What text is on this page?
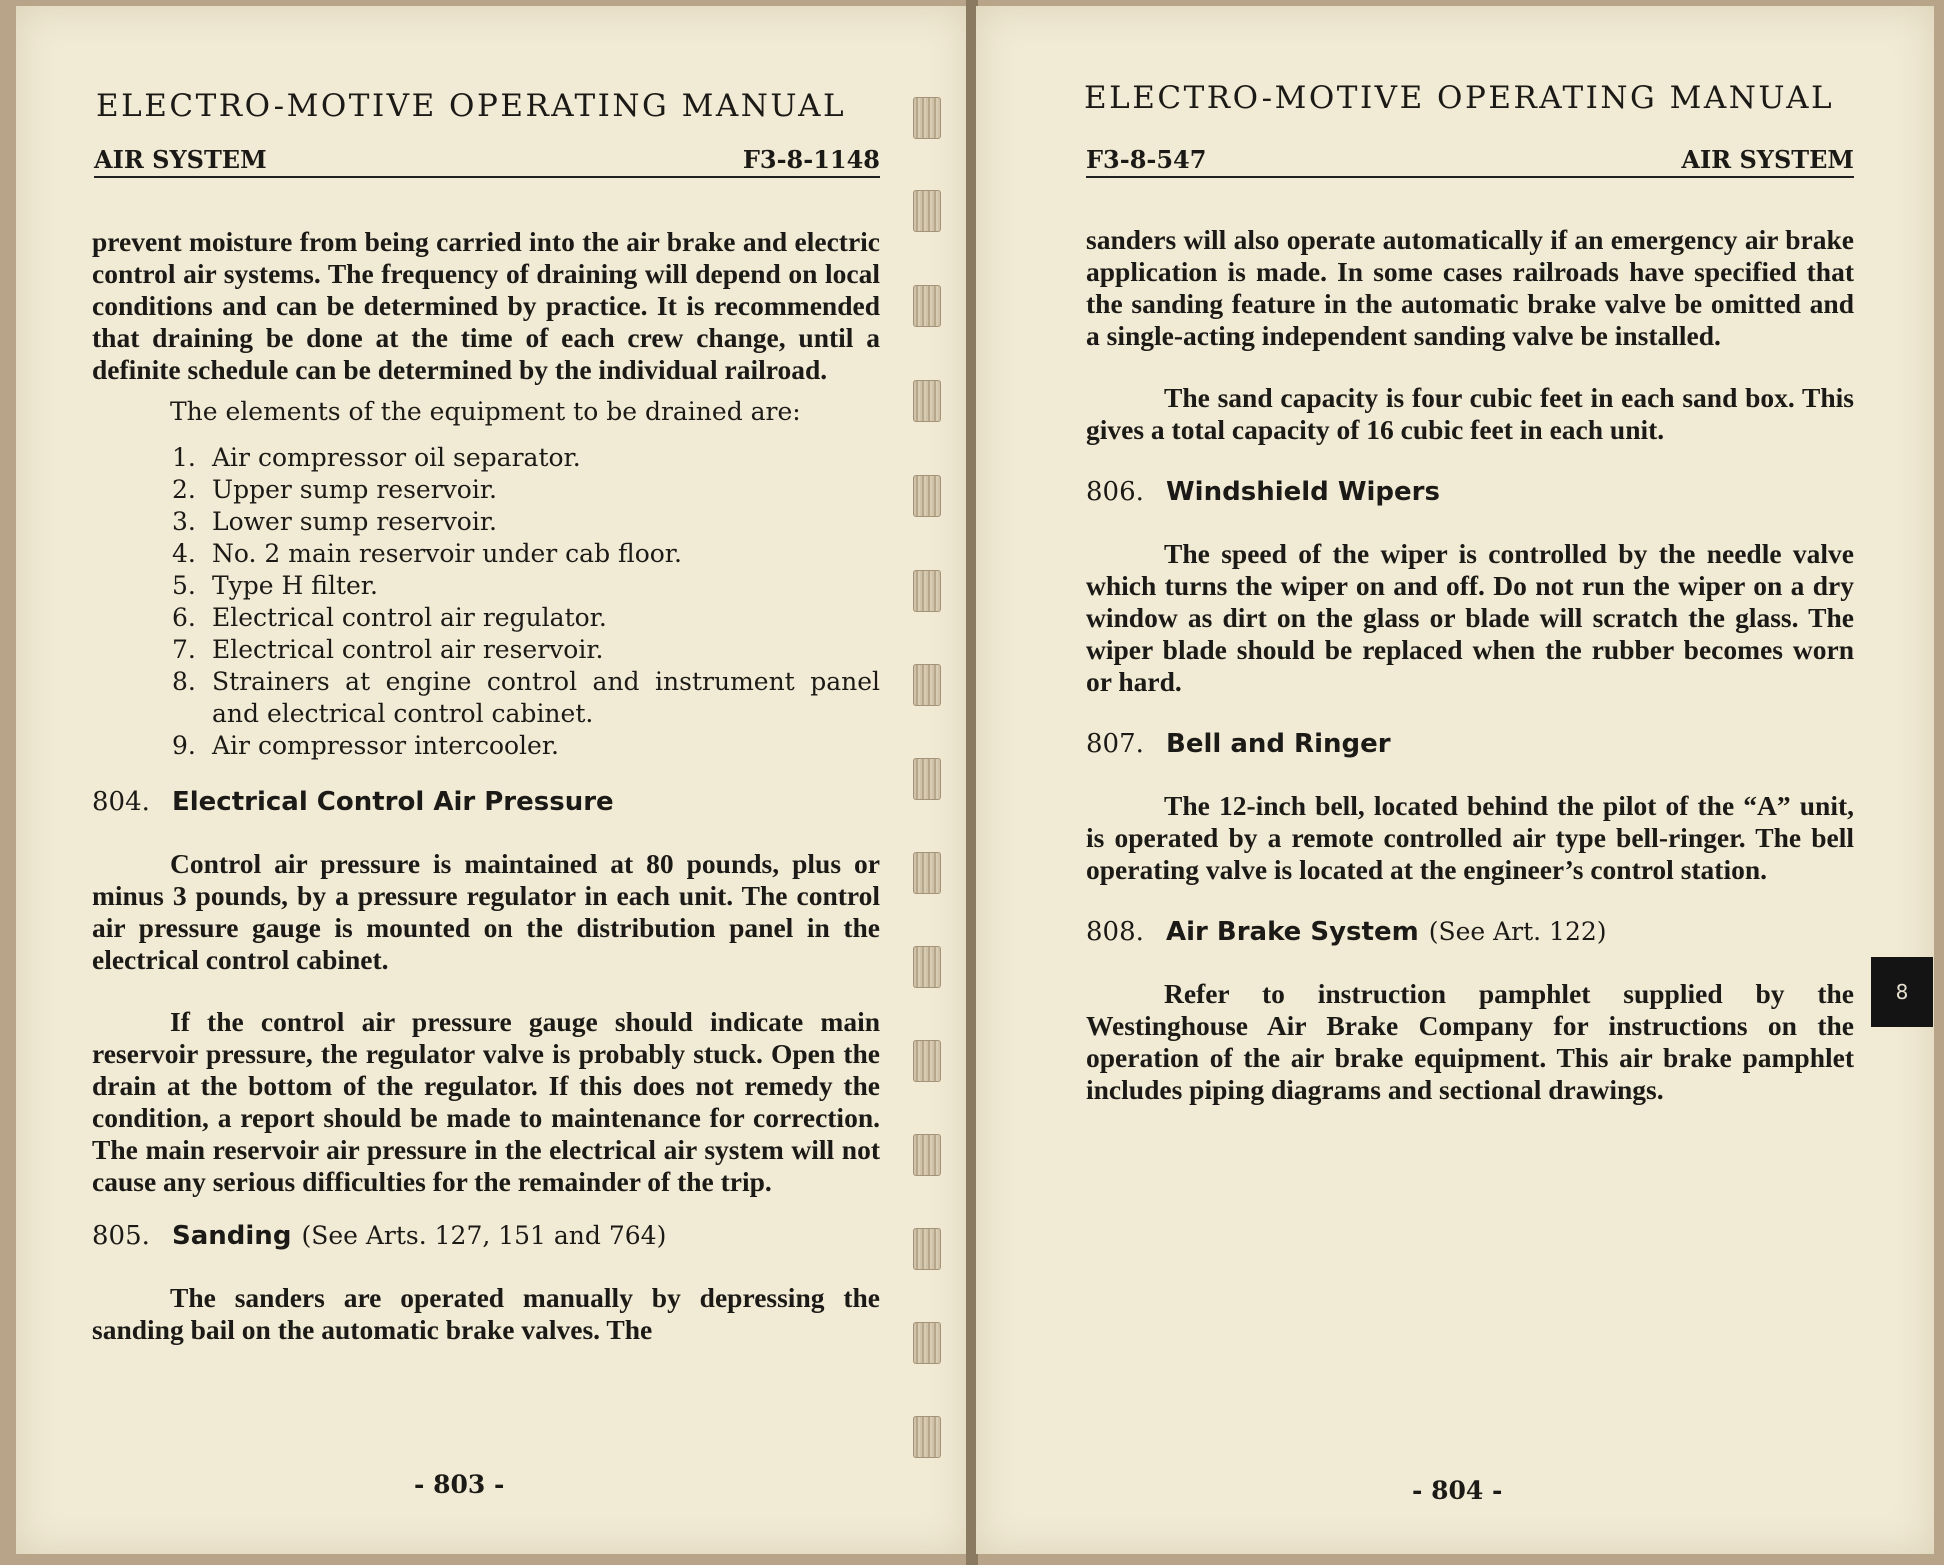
ELECTRO-MOTIVE OPERATING MANUAL
AIR SYSTEM	F3-8-1148

prevent moisture from being carried into the air brake and electric control air systems. The frequency of draining will depend on local conditions and can be determined by practice. It is recommended that draining be done at the time of each crew change, until a definite schedule can be determined by the individual railroad.

The elements of the equipment to be drained are:

1. Air compressor oil separator.
2. Upper sump reservoir.
3. Lower sump reservoir.
4. No. 2 main reservoir under cab floor.
5. Type H filter.
6. Electrical control air regulator.
7. Electrical control air reservoir.
8. Strainers at engine control and instrument panel and electrical control cabinet.
9. Air compressor intercooler.
804. Electrical Control Air Pressure

Control air pressure is maintained at 80 pounds, plus or minus 3 pounds, by a pressure regulator in each unit. The control air pressure gauge is mounted on the distribution panel in the electrical control cabinet.

If the control air pressure gauge should indicate main reservoir pressure, the regulator valve is probably stuck. Open the drain at the bottom of the regulator. If this does not remedy the condition, a report should be made to maintenance for correction. The main reservoir air pressure in the electrical air system will not cause any serious difficulties for the remainder of the trip.

805. Sanding (See Arts. 127, 151 and 764)

The sanders are operated manually by depressing the sanding bail on the automatic brake valves. The

- 803 -
ELECTRO-MOTIVE OPERATING MANUAL
F3-8-547	AIR SYSTEM

sanders will also operate automatically if an emergency air brake application is made. In some cases railroads have specified that the sanding feature in the automatic brake valve be omitted and a single-acting independent sanding valve be installed.

The sand capacity is four cubic feet in each sand box. This gives a total capacity of 16 cubic feet in each unit.

806. Windshield Wipers

The speed of the wiper is controlled by the needle valve which turns the wiper on and off. Do not run the wiper on a dry window as dirt on the glass or blade will scratch the glass. The wiper blade should be replaced when the rubber becomes worn or hard.

807. Bell and Ringer

The 12-inch bell, located behind the pilot of the “A” unit, is operated by a remote controlled air type bell-ringer. The bell operating valve is located at the engineer’s control station.

808. Air Brake System (See Art. 122)

Refer to instruction pamphlet supplied by the Westinghouse Air Brake Company for instructions on the operation of the air brake equipment. This air brake pamphlet includes piping diagrams and sectional drawings.

- 804 -
8
